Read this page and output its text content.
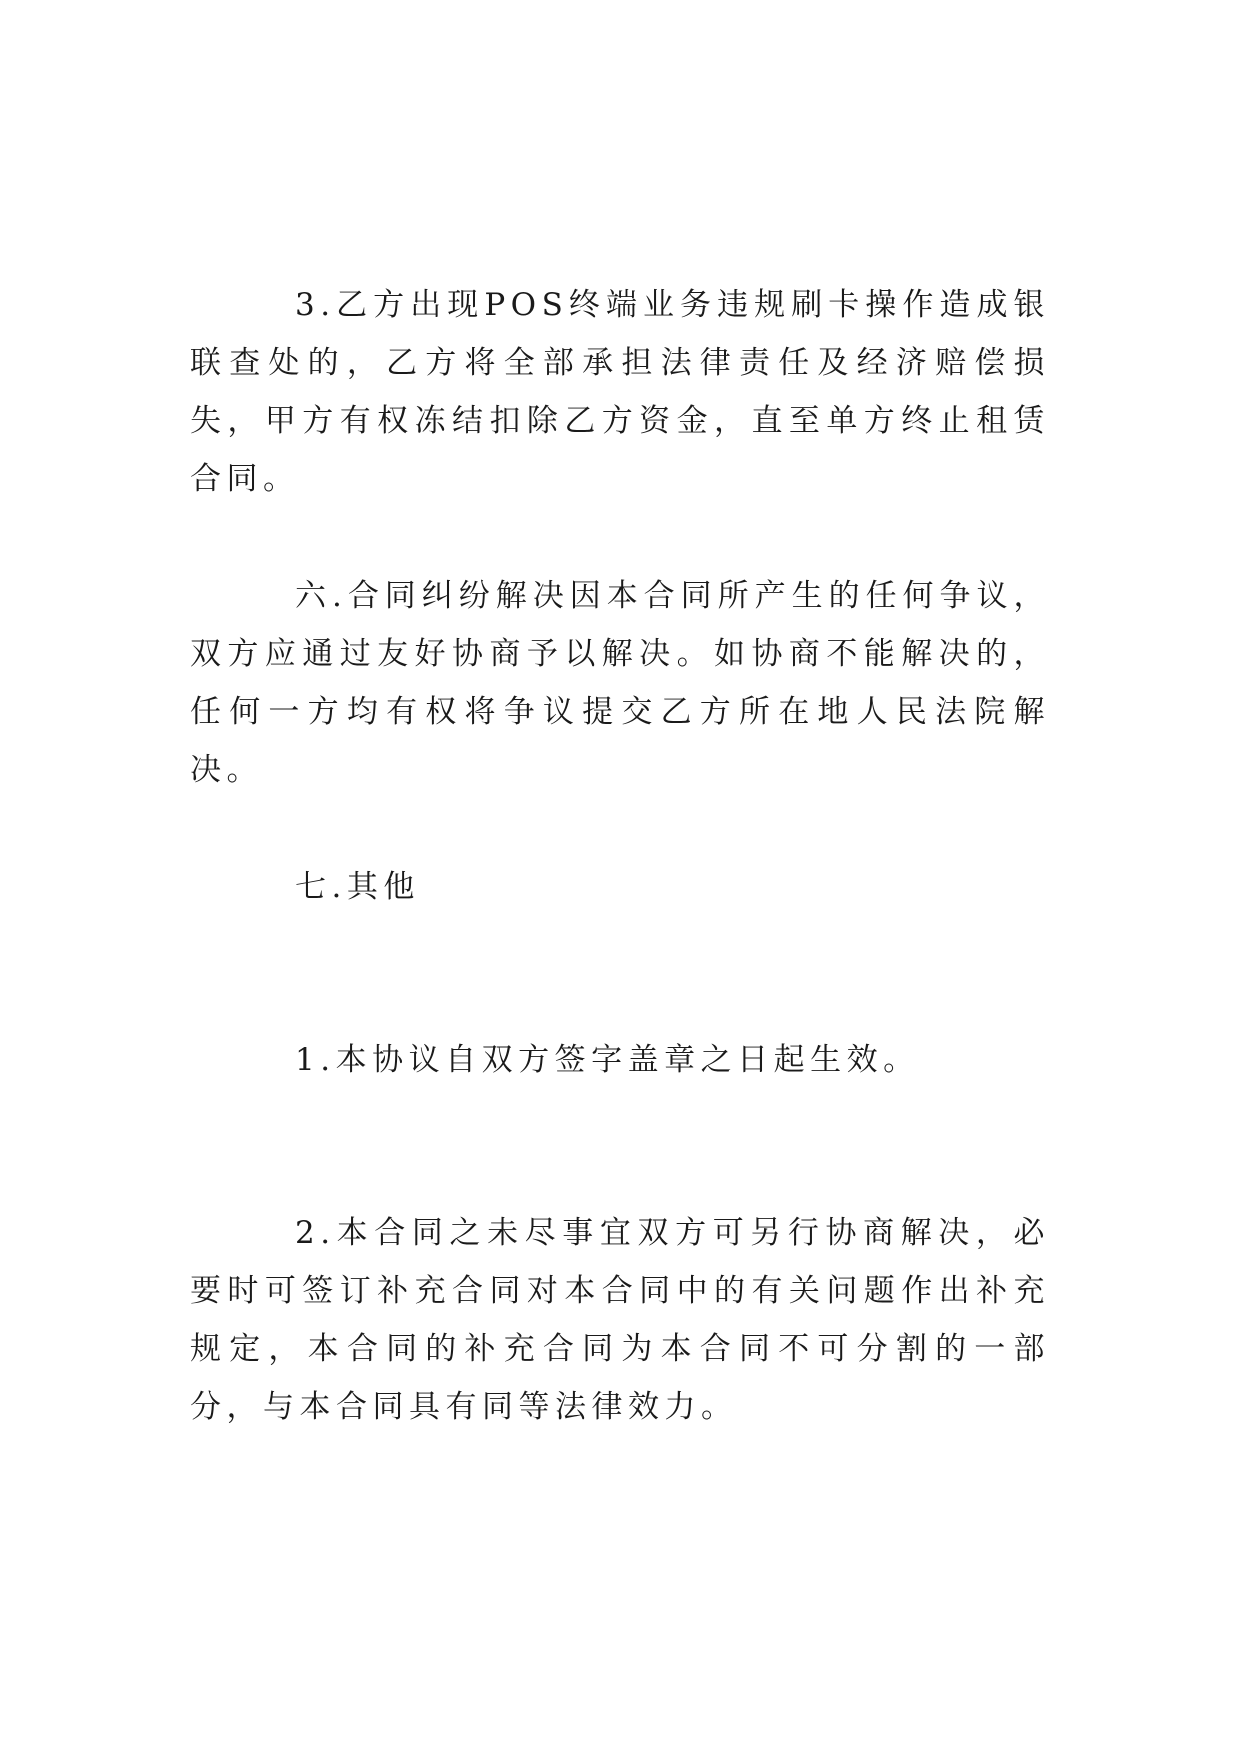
3.乙方出现POS终端业务违规刷卡操作造成银联查处的，乙方将全部承担法律责任及经济赔偿损失，甲方有权冻结扣除乙方资金，直至单方终止租赁合同。

六.合同纠纷解决因本合同所产生的任何争议，双方应通过友好协商予以解决。如协商不能解决的，任何一方均有权将争议提交乙方所在地人民法院解决。

七.其他

1.本协议自双方签字盖章之日起生效。

2.本合同之未尽事宜双方可另行协商解决，必要时可签订补充合同对本合同中的有关问题作出补充规定，本合同的补充合同为本合同不可分割的一部分，与本合同具有同等法律效力。
